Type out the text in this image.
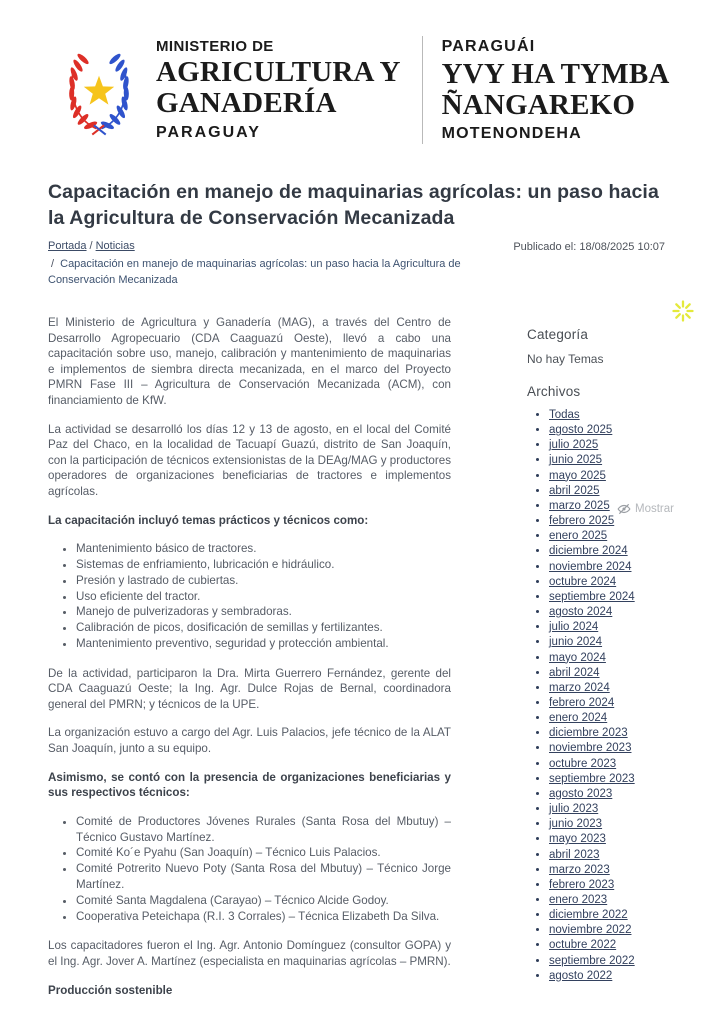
MINISTERIO DE
AGRICULTURA Y
GANADERÍA
PARAGUAY
PARAGUÁI
YVY HA TYMBA
ÑANGAREKO
MOTENONDEHA
Capacitación en manejo de maquinarias agrícolas: un paso hacia la Agricultura de Conservación Mecanizada
Portada / Noticias	Publicado el: 18/08/2025 10:07
/ Capacitación en manejo de maquinarias agrícolas: un paso hacia la Agricultura de Conservación Mecanizada

El Ministerio de Agricultura y Ganadería (MAG), a través del Centro de Desarrollo Agropecuario (CDA Caaguazú Oeste), llevó a cabo una capacitación sobre uso, manejo, calibración y mantenimiento de maquinarias e implementos de siembra directa mecanizada, en el marco del Proyecto PMRN Fase III – Agricultura de Conservación Mecanizada (ACM), con financiamiento de KfW.

La actividad se desarrolló los días 12 y 13 de agosto, en el local del Comité Paz del Chaco, en la localidad de Tacuapí Guazú, distrito de San Joaquín, con la participación de técnicos extensionistas de la DEAg/MAG y productores operadores de organizaciones beneficiarias de tractores e implementos agrícolas.

La capacitación incluyó temas prácticos y técnicos como:

• Mantenimiento básico de tractores.
• Sistemas de enfriamiento, lubricación e hidráulico.
• Presión y lastrado de cubiertas.
• Uso eficiente del tractor.
• Manejo de pulverizadoras y sembradoras.
• Calibración de picos, dosificación de semillas y fertilizantes.
• Mantenimiento preventivo, seguridad y protección ambiental.

De la actividad, participaron la Dra. Mirta Guerrero Fernández, gerente del CDA Caaguazú Oeste; la Ing. Agr. Dulce Rojas de Bernal, coordinadora general del PMRN; y técnicos de la UPE.

La organización estuvo a cargo del Agr. Luis Palacios, jefe técnico de la ALAT San Joaquín, junto a su equipo.

Asimismo, se contó con la presencia de organizaciones beneficiarias y sus respectivos técnicos:

• Comité de Productores Jóvenes Rurales (Santa Rosa del Mbutuy) – Técnico Gustavo Martínez.
• Comité Ko´e Pyahu (San Joaquín) – Técnico Luis Palacios.
• Comité Potrerito Nuevo Poty (Santa Rosa del Mbutuy) – Técnico Jorge Martínez.
• Comité Santa Magdalena (Carayao) – Técnico Alcide Godoy.
• Cooperativa Peteichapa (R.I. 3 Corrales) – Técnica Elizabeth Da Silva.

Los capacitadores fueron el Ing. Agr. Antonio Domínguez (consultor GOPA) y el Ing. Agr. Jover A. Martínez (especialista en maquinarias agrícolas – PMRN).

Producción sostenible

Categoría

No hay Temas

Archivos
• Todas
• agosto 2025
• julio 2025
• junio 2025
• mayo 2025
• abril 2025
• marzo 2025
• febrero 2025
• enero 2025
• diciembre 2024
• noviembre 2024
• octubre 2024
• septiembre 2024
• agosto 2024
• julio 2024
• junio 2024
• mayo 2024
• abril 2024
• marzo 2024
• febrero 2024
• enero 2024
• diciembre 2023
• noviembre 2023
• octubre 2023
• septiembre 2023
• agosto 2023
• julio 2023
• junio 2023
• mayo 2023
• abril 2023
• marzo 2023
• febrero 2023
• enero 2023
• diciembre 2022
• noviembre 2022
• octubre 2022
• septiembre 2022
• agosto 2022
Mostrar
